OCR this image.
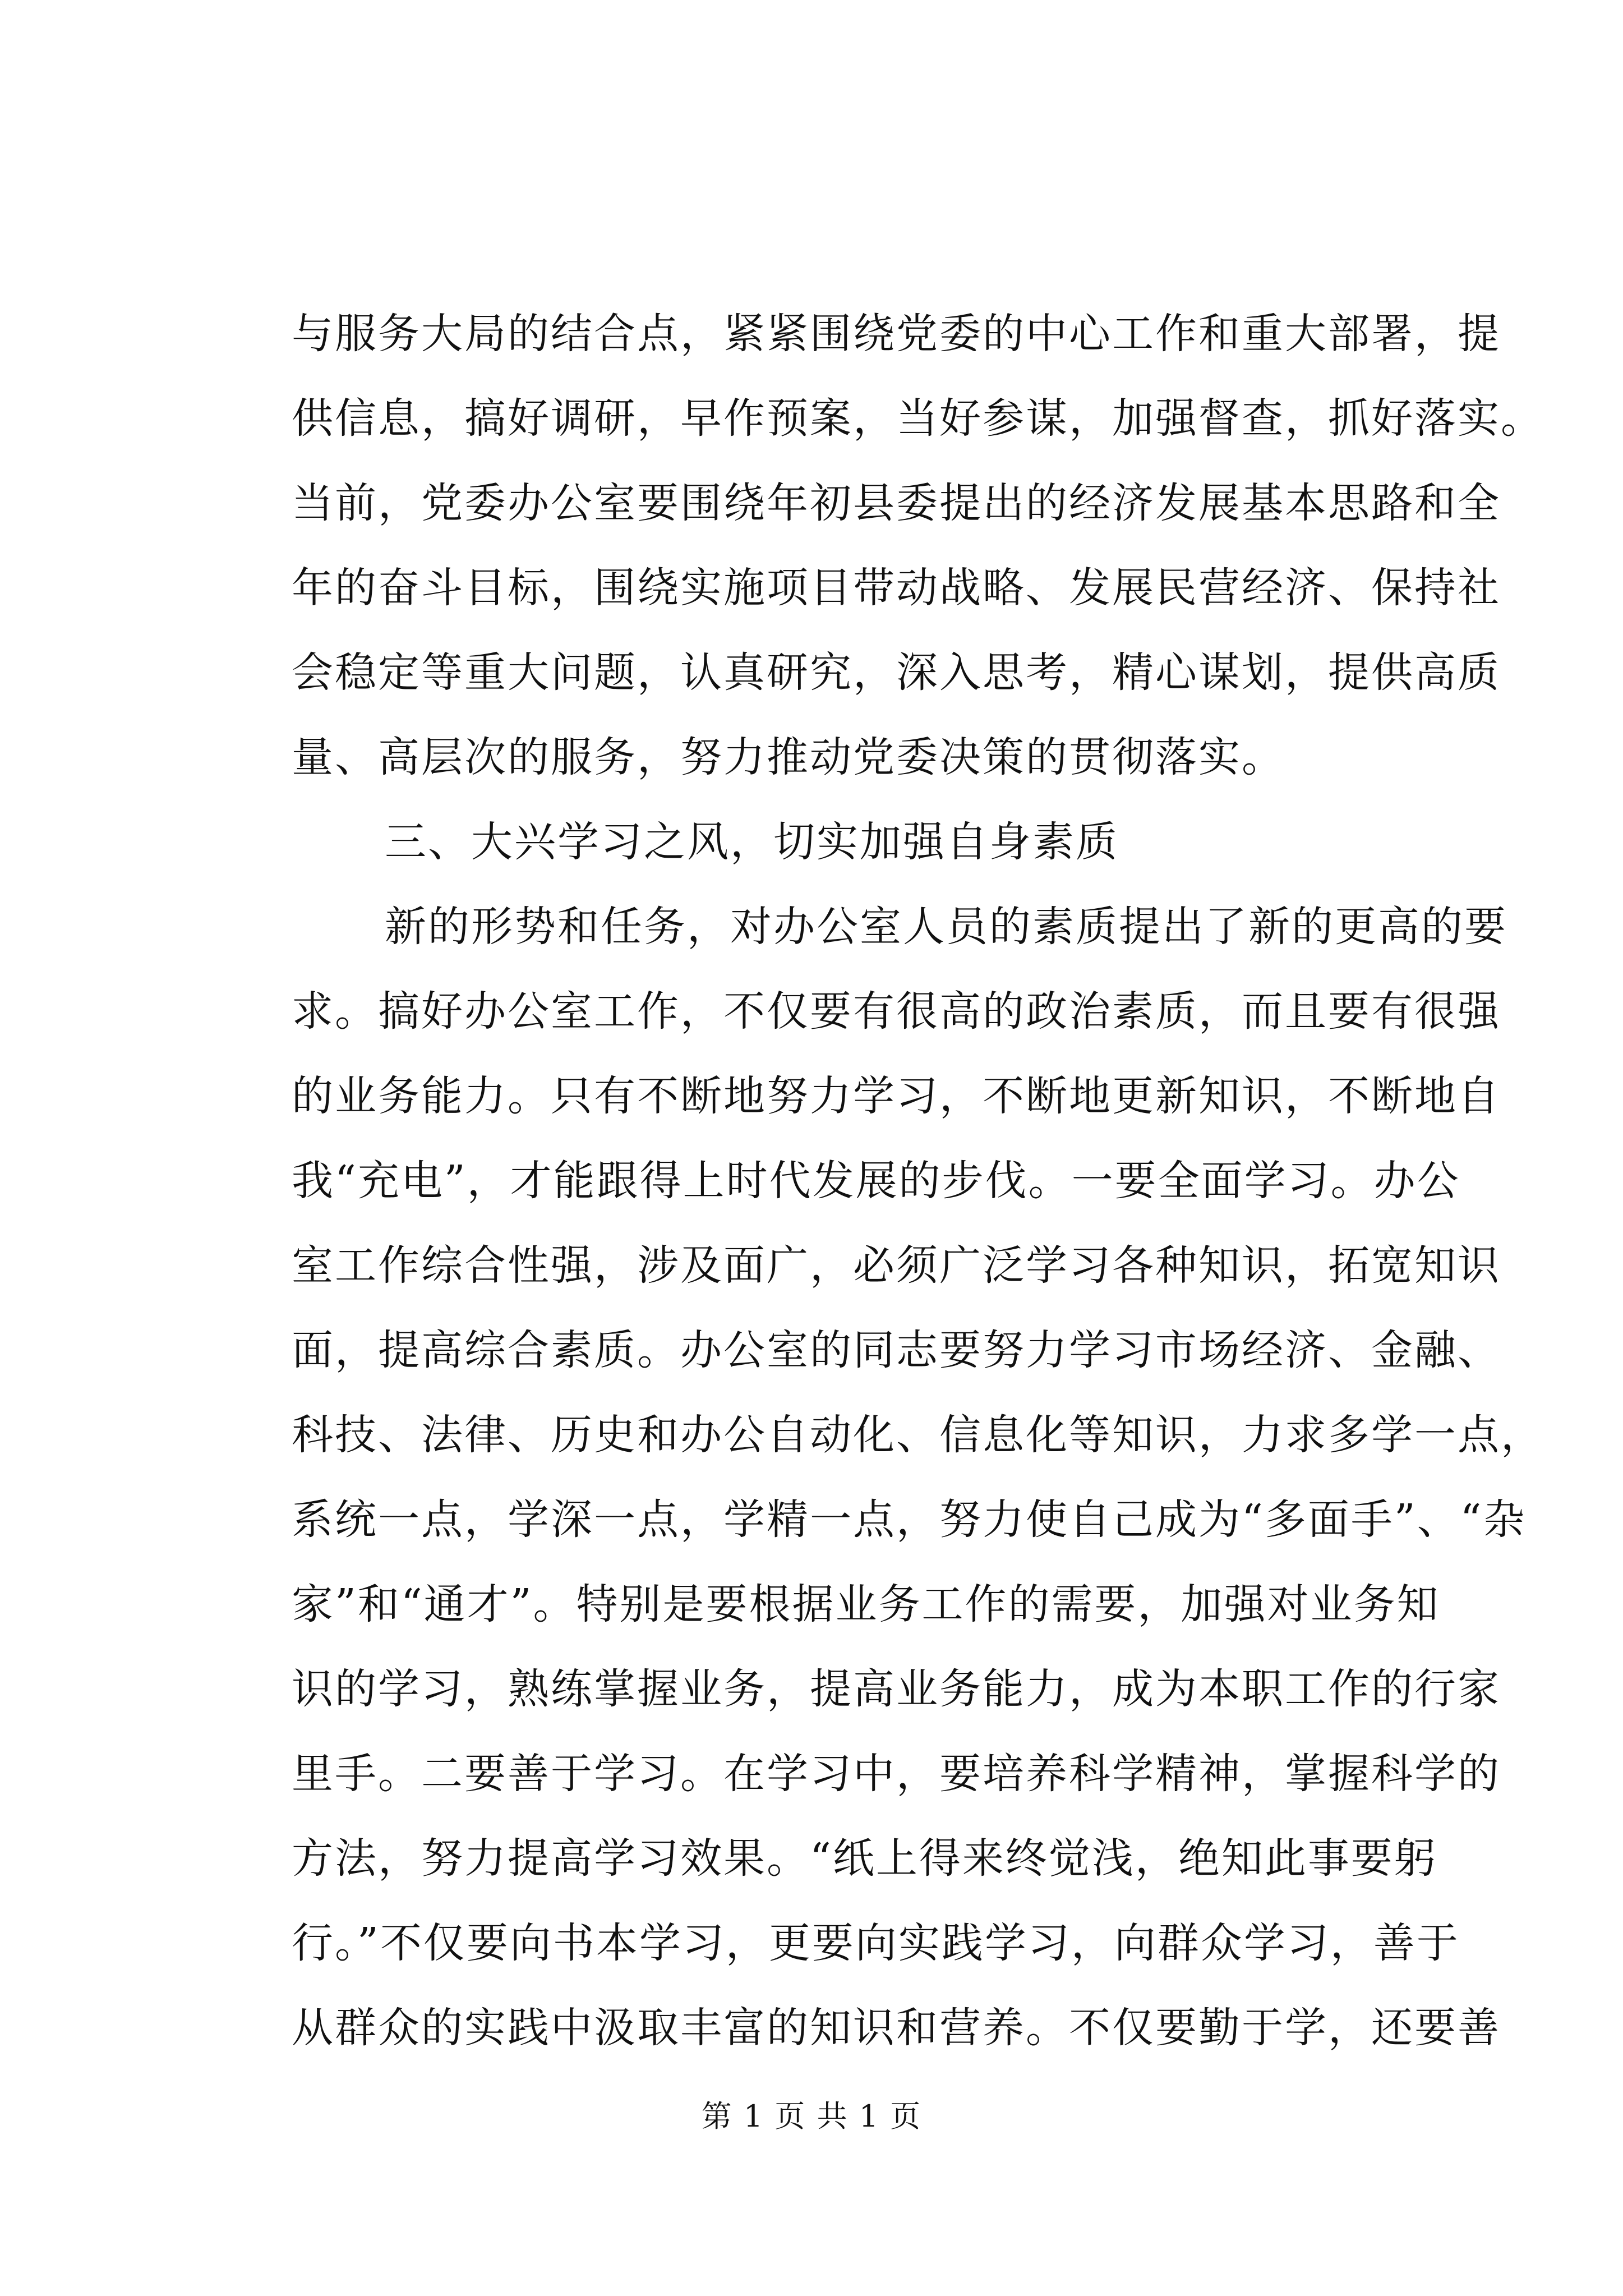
与服务大局的结合点，紧紧围绕党委的中心工作和重大部署，提
供信息，搞好调研，早作预案，当好参谋，加强督查，抓好落实。
当前，党委办公室要围绕年初县委提出的经济发展基本思路和全
年的奋斗目标，围绕实施项目带动战略、发展民营经济、保持社
会稳定等重大问题，认真研究，深入思考，精心谋划，提供高质
量、高层次的服务，努力推动党委决策的贯彻落实。
三、大兴学习之风，切实加强自身素质
新的形势和任务，对办公室人员的素质提出了新的更高的要
求。搞好办公室工作，不仅要有很高的政治素质，而且要有很强
的业务能力。只有不断地努力学习，不断地更新知识，不断地自
我“充电”，才能跟得上时代发展的步伐。一要全面学习。办公
室工作综合性强，涉及面广，必须广泛学习各种知识，拓宽知识
面，提高综合素质。办公室的同志要努力学习市场经济、金融、
科技、法律、历史和办公自动化、信息化等知识，力求多学一点，
系统一点，学深一点，学精一点，努力使自己成为“多面手”、“杂
家”和“通才”。特别是要根据业务工作的需要，加强对业务知
识的学习，熟练掌握业务，提高业务能力，成为本职工作的行家
里手。二要善于学习。在学习中，要培养科学精神，掌握科学的
方法，努力提高学习效果。“纸上得来终觉浅，绝知此事要躬
行。”不仅要向书本学习，更要向实践学习，向群众学习，善于
从群众的实践中汲取丰富的知识和营养。不仅要勤于学，还要善
第 1 页 共 1 页
